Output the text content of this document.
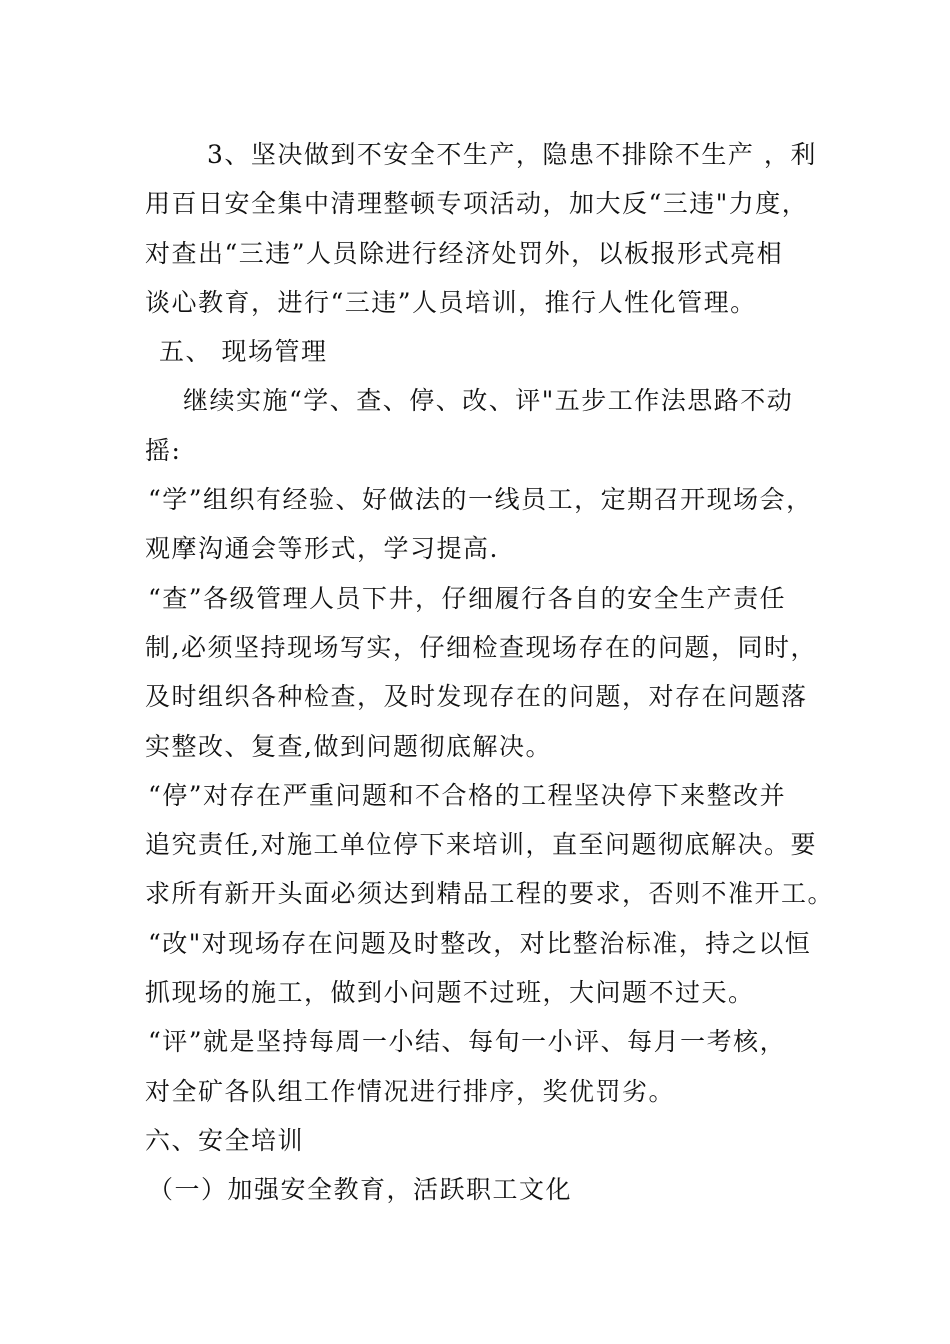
3、坚决做到不安全不生产，隐患不排除不生产 ，利
用百日安全集中清理整顿专项活动，加大反“三违"力度，
对查出“三违”人员除进行经济处罚外，以板报形式亮相
谈心教育，进行“三违”人员培训，推行人性化管理。
五、 现场管理
继续实施“学、查、停、改、评"五步工作法思路不动
摇:
“学”组织有经验、好做法的一线员工，定期召开现场会，
观摩沟通会等形式，学习提高.
“查”各级管理人员下井，仔细履行各自的安全生产责任
制,必须坚持现场写实，仔细检查现场存在的问题，同时，
及时组织各种检查，及时发现存在的问题，对存在问题落
实整改、复查,做到问题彻底解决。
“停”对存在严重问题和不合格的工程坚决停下来整改并
追究责任,对施工单位停下来培训，直至问题彻底解决。要
求所有新开头面必须达到精品工程的要求，否则不准开工。
“改"对现场存在问题及时整改，对比整治标准，持之以恒
抓现场的施工，做到小问题不过班，大问题不过天。
“评”就是坚持每周一小结、每旬一小评、每月一考核，
对全矿各队组工作情况进行排序，奖优罚劣。
六、安全培训
（一）加强安全教育，活跃职工文化
